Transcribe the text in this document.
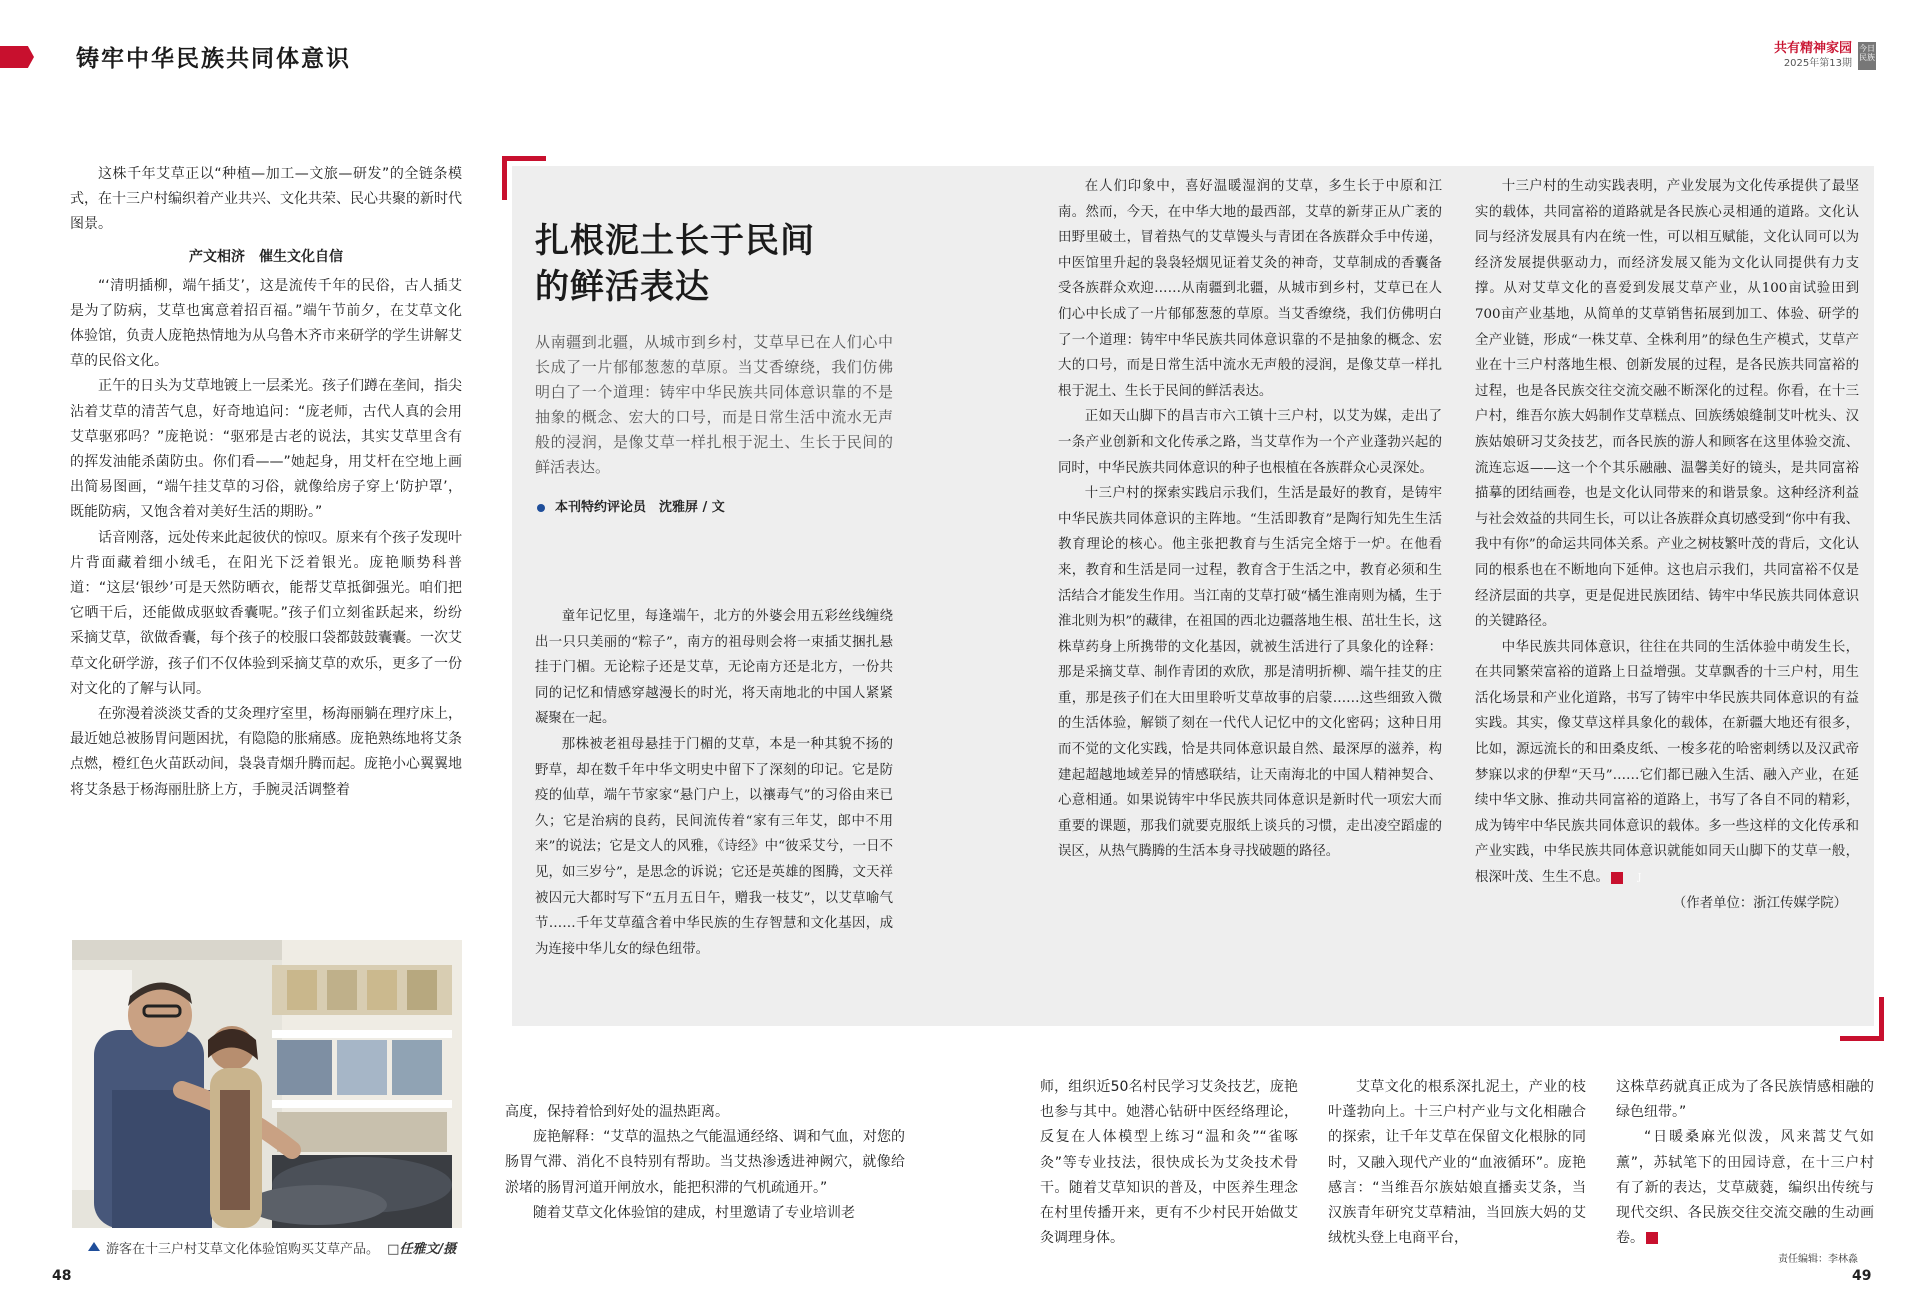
铸牢中华民族共同体意识	共有精神家园
2025年第13期
今日民族

这株千年艾草正以“种植—加工—文旅—研发”的全链条模式，在十三户村编织着产业共兴、文化共荣、民心共聚的新时代图景。

产文相济　催生文化自信

“‘清明插柳，端午插艾’，这是流传千年的民俗，古人插艾是为了防病，艾草也寓意着招百福。”端午节前夕，在艾草文化体验馆，负责人庞艳热情地为从乌鲁木齐市来研学的学生讲解艾草的民俗文化。

正午的日头为艾草地镀上一层柔光。孩子们蹲在垄间，指尖沾着艾草的清苦气息，好奇地追问：“庞老师，古代人真的会用艾草驱邪吗？”庞艳说：“驱邪是古老的说法，其实艾草里含有的挥发油能杀菌防虫。你们看——”她起身，用艾杆在空地上画出简易图画，“端午挂艾草的习俗，就像给房子穿上‘防护罩’，既能防病，又饱含着对美好生活的期盼。”

话音刚落，远处传来此起彼伏的惊叹。原来有个孩子发现叶片背面藏着细小绒毛，在阳光下泛着银光。庞艳顺势科普道：“这层‘银纱’可是天然防晒衣，能帮艾草抵御强光。咱们把它晒干后，还能做成驱蚊香囊呢。”孩子们立刻雀跃起来，纷纷采摘艾草，欲做香囊，每个孩子的校服口袋都鼓鼓囊囊。一次艾草文化研学游，孩子们不仅体验到采摘艾草的欢乐，更多了一份对文化的了解与认同。

在弥漫着淡淡艾香的艾灸理疗室里，杨海丽躺在理疗床上，最近她总被肠胃问题困扰，有隐隐的胀痛感。庞艳熟练地将艾条点燃，橙红色火苗跃动间，袅袅青烟升腾而起。庞艳小心翼翼地将艾条悬于杨海丽肚脐上方，手腕灵活调整着

游客在十三户村艾草文化体验馆购买艾草产品。 □任雅文/摄
扎根泥土长于民间
的鲜活表达
从南疆到北疆，从城市到乡村，艾草早已在人们心中长成了一片郁郁葱葱的草原。当艾香缭绕，我们仿佛明白了一个道理：铸牢中华民族共同体意识靠的不是抽象的概念、宏大的口号，而是日常生活中流水无声般的浸润，是像艾草一样扎根于泥土、生长于民间的鲜活表达。
本刊特约评论员　沈雅屏 / 文

童年记忆里，每逢端午，北方的外婆会用五彩丝线缠绕出一只只美丽的“粽子”，南方的祖母则会将一束插艾捆扎悬挂于门楣。无论粽子还是艾草，无论南方还是北方，一份共同的记忆和情感穿越漫长的时光，将天南地北的中国人紧紧凝聚在一起。

那株被老祖母悬挂于门楣的艾草，本是一种其貌不扬的野草，却在数千年中华文明史中留下了深刻的印记。它是防疫的仙草，端午节家家“悬门户上，以禳毒气”的习俗由来已久；它是治病的良药，民间流传着“家有三年艾，郎中不用来”的说法；它是文人的风雅，《诗经》中“彼采艾兮，一日不见，如三岁兮”，是思念的诉说；它还是英雄的图腾，文天祥被囚元大都时写下“五月五日午，赠我一枝艾”，以艾草喻气节……千年艾草蕴含着中华民族的生存智慧和文化基因，成为连接中华儿女的绿色纽带。

在人们印象中，喜好温暖湿润的艾草，多生长于中原和江南。然而，今天，在中华大地的最西部，艾草的新芽正从广袤的田野里破土，冒着热气的艾草馒头与青团在各族群众手中传递，中医馆里升起的袅袅轻烟见证着艾灸的神奇，艾草制成的香囊备受各族群众欢迎……从南疆到北疆，从城市到乡村，艾草已在人们心中长成了一片郁郁葱葱的草原。当艾香缭绕，我们仿佛明白了一个道理：铸牢中华民族共同体意识靠的不是抽象的概念、宏大的口号，而是日常生活中流水无声般的浸润，是像艾草一样扎根于泥土、生长于民间的鲜活表达。

正如天山脚下的昌吉市六工镇十三户村，以艾为媒，走出了一条产业创新和文化传承之路，当艾草作为一个产业蓬勃兴起的同时，中华民族共同体意识的种子也根植在各族群众心灵深处。

十三户村的探索实践启示我们，生活是最好的教育，是铸牢中华民族共同体意识的主阵地。“生活即教育”是陶行知先生生活教育理论的核心。他主张把教育与生活完全熔于一炉。在他看来，教育和生活是同一过程，教育含于生活之中，教育必须和生活结合才能发生作用。当江南的艾草打破“橘生淮南则为橘，生于淮北则为枳”的藏律，在祖国的西北边疆落地生根、茁壮生长，这株草药身上所携带的文化基因，就被生活进行了具象化的诠释：那是采摘艾草、制作青团的欢欣，那是清明折柳、端午挂艾的庄重，那是孩子们在大田里聆听艾草故事的启蒙……这些细致入微的生活体验，解锁了刻在一代代人记忆中的文化密码；这种日用而不觉的文化实践，恰是共同体意识最自然、最深厚的滋养，构建起超越地域差异的情感联结，让天南海北的中国人精神契合、心意相通。如果说铸牢中华民族共同体意识是新时代一项宏大而重要的课题，那我们就要克服纸上谈兵的习惯，走出凌空蹈虚的误区，从热气腾腾的生活本身寻找破题的路径。

十三户村的生动实践表明，产业发展为文化传承提供了最坚实的载体，共同富裕的道路就是各民族心灵相通的道路。文化认同与经济发展具有内在统一性，可以相互赋能，文化认同可以为经济发展提供驱动力，而经济发展又能为文化认同提供有力支撑。从对艾草文化的喜爱到发展艾草产业，从100亩试验田到700亩产业基地，从简单的艾草销售拓展到加工、体验、研学的全产业链，形成“一株艾草、全株利用”的绿色生产模式，艾草产业在十三户村落地生根、创新发展的过程，是各民族共同富裕的过程，也是各民族交往交流交融不断深化的过程。你看，在十三户村，维吾尔族大妈制作艾草糕点、回族绣娘缝制艾叶枕头、汉族姑娘研习艾灸技艺，而各民族的游人和顾客在这里体验交流、流连忘返——这一个个其乐融融、温馨美好的镜头，是共同富裕描摹的团结画卷，也是文化认同带来的和谐景象。这种经济利益与社会效益的共同生长，可以让各族群众真切感受到“你中有我、我中有你”的命运共同体关系。产业之树枝繁叶茂的背后，文化认同的根系也在不断地向下延伸。这也启示我们，共同富裕不仅是经济层面的共享，更是促进民族团结、铸牢中华民族共同体意识的关键路径。

中华民族共同体意识，往往在共同的生活体验中萌发生长，在共同繁荣富裕的道路上日益增强。艾草飘香的十三户村，用生活化场景和产业化道路，书写了铸牢中华民族共同体意识的有益实践。其实，像艾草这样具象化的载体，在新疆大地还有很多，比如，源远流长的和田桑皮纸、一梭多花的哈密刺绣以及汉武帝梦寐以求的伊犁“天马”……它们都已融入生活、融入产业，在延续中华文脉、推动共同富裕的道路上，书写了各自不同的精彩，成为铸牢中华民族共同体意识的载体。多一些这样的文化传承和产业实践，中华民族共同体意识就能如同天山脚下的艾草一般，根深叶茂、生生不息。	J

（作者单位：浙江传媒学院）

高度，保持着恰到好处的温热距离。

庞艳解释：“艾草的温热之气能温通经络、调和气血，对您的肠胃气滞、消化不良特别有帮助。当艾热渗透进神阙穴，就像给淤堵的肠胃河道开闸放水，能把积滞的气机疏通开。”

随着艾草文化体验馆的建成，村里邀请了专业培训老

师，组织近50名村民学习艾灸技艺，庞艳也参与其中。她潜心钻研中医经络理论，反复在人体模型上练习“温和灸”“雀啄灸”等专业技法，很快成长为艾灸技术骨干。随着艾草知识的普及，中医养生理念在村里传播开来，更有不少村民开始做艾灸调理身体。

艾草文化的根系深扎泥土，产业的枝叶蓬勃向上。十三户村产业与文化相融合的探索，让千年艾草在保留文化根脉的同时，又融入现代产业的“血液循环”。庞艳感言：“当维吾尔族姑娘直播卖艾条，当汉族青年研究艾草精油，当回族大妈的艾绒枕头登上电商平台，

这株草药就真正成为了各民族情感相融的绿色纽带。”

“日暖桑麻光似泼，风来蒿艾气如薰”，苏轼笔下的田园诗意，在十三户村有了新的表达，艾草葳蕤，编织出传统与现代交织、各民族交往交流交融的生动画卷。	J

48	49
责任编辑：李林淼
